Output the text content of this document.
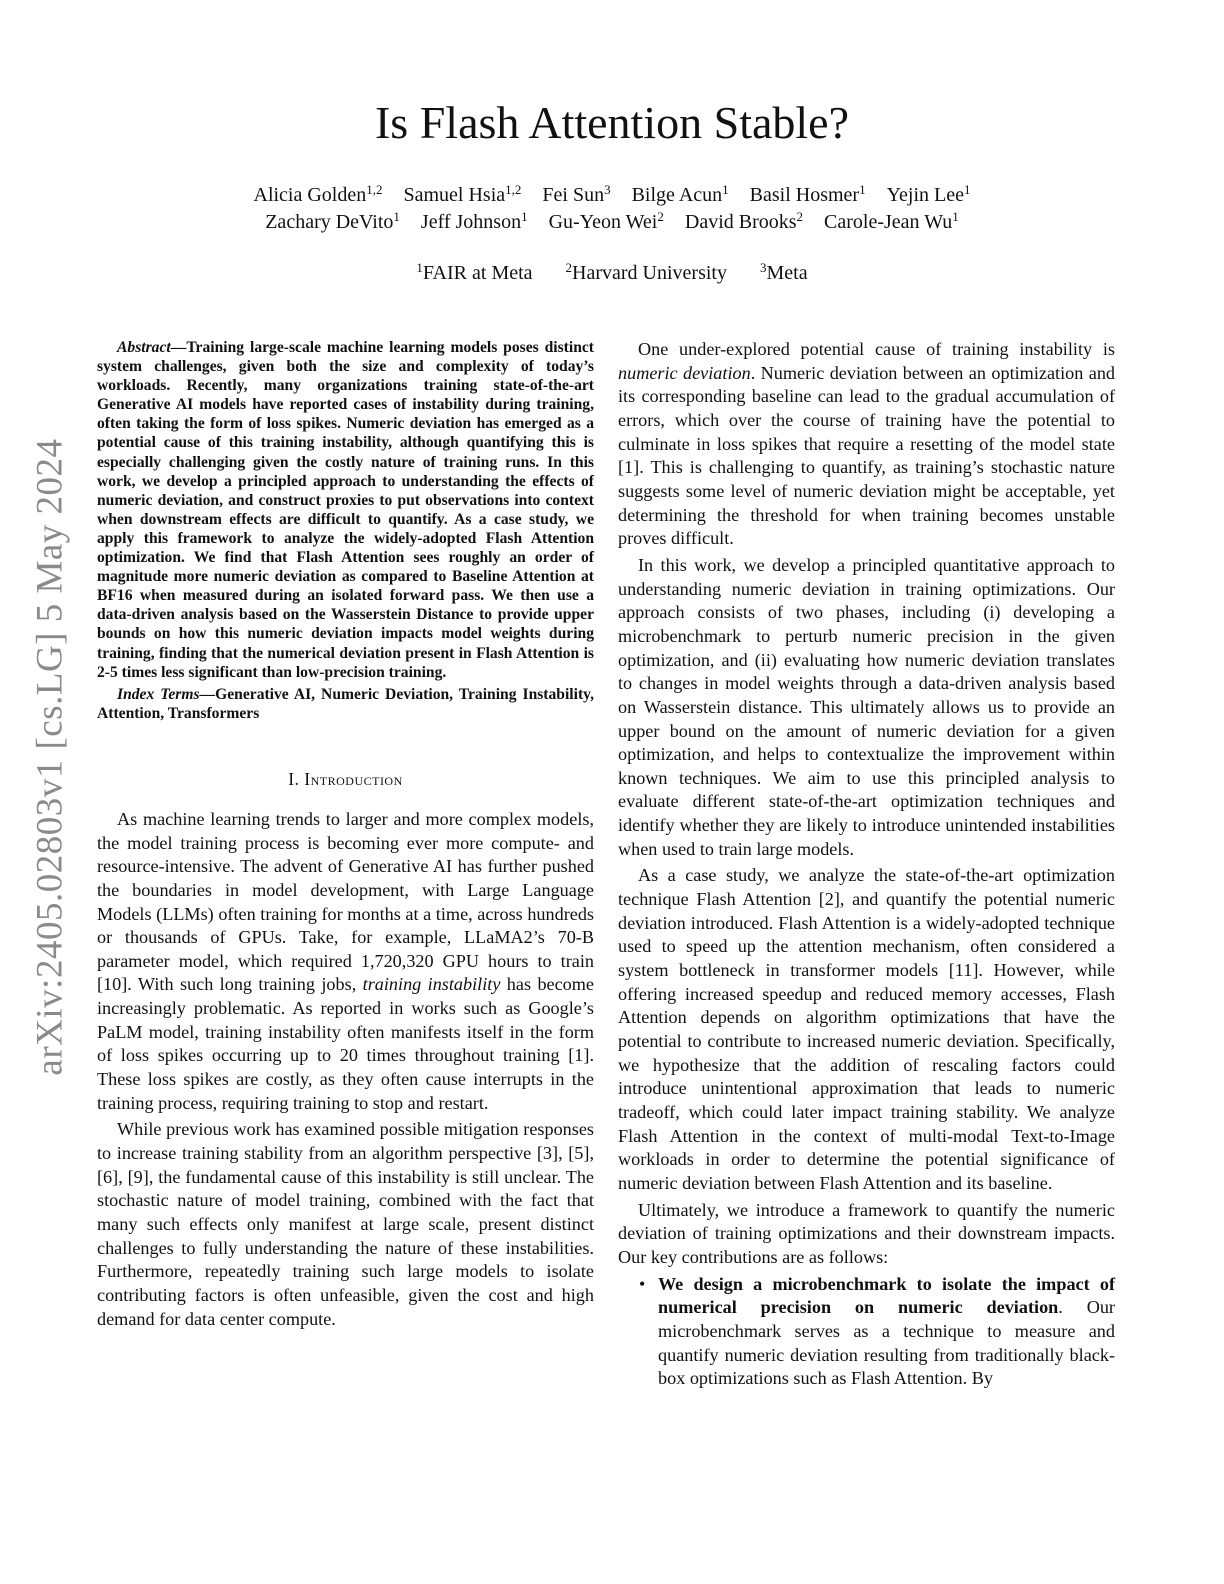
arXiv:2405.02803v1 [cs.LG] 5 May 2024
Is Flash Attention Stable?
Alicia Golden$^{1,2}$ Samuel Hsia$^{1,2}$ Fei Sun$^3$ Bilge Acun$^1$ Basil Hosmer$^1$ Yejin Lee$^1$
Zachary DeVito$^1$ Jeff Johnson$^1$ Gu-Yeon Wei$^2$ David Brooks$^2$ Carole-Jean Wu$^1$
$^1$FAIR at Meta	$^2$Harvard University	$^3$Meta

Abstract—Training large-scale machine learning models poses distinct system challenges, given both the size and complexity of today’s workloads. Recently, many organizations training state-of-the-art Generative AI models have reported cases of instability during training, often taking the form of loss spikes. Numeric deviation has emerged as a potential cause of this training instability, although quantifying this is especially challenging given the costly nature of training runs. In this work, we develop a principled approach to understanding the effects of numeric deviation, and construct proxies to put observations into context when downstream effects are difficult to quantify. As a case study, we apply this framework to analyze the widely-adopted Flash Attention optimization. We find that Flash Attention sees roughly an order of magnitude more numeric deviation as compared to Baseline Attention at BF16 when measured during an isolated forward pass. We then use a data-driven analysis based on the Wasserstein Distance to provide upper bounds on how this numeric deviation impacts model weights during training, finding that the numerical deviation present in Flash Attention is 2-5 times less significant than low-precision training.

Index Terms—Generative AI, Numeric Deviation, Training Instability, Attention, Transformers

I. Introduction

As machine learning trends to larger and more complex models, the model training process is becoming ever more compute- and resource-intensive. The advent of Generative AI has further pushed the boundaries in model development, with Large Language Models (LLMs) often training for months at a time, across hundreds or thousands of GPUs. Take, for example, LLaMA2’s 70-B parameter model, which required 1,720,320 GPU hours to train [10]. With such long training jobs, training instability has become increasingly problematic. As reported in works such as Google’s PaLM model, training instability often manifests itself in the form of loss spikes occurring up to 20 times throughout training [1]. These loss spikes are costly, as they often cause interrupts in the training process, requiring training to stop and restart.

While previous work has examined possible mitigation responses to increase training stability from an algorithm perspective [3], [5], [6], [9], the fundamental cause of this instability is still unclear. The stochastic nature of model training, combined with the fact that many such effects only manifest at large scale, present distinct challenges to fully understanding the nature of these instabilities. Furthermore, repeatedly training such large models to isolate contributing factors is often unfeasible, given the cost and high demand for data center compute.

One under-explored potential cause of training instability is numeric deviation. Numeric deviation between an optimization and its corresponding baseline can lead to the gradual accumulation of errors, which over the course of training have the potential to culminate in loss spikes that require a resetting of the model state [1]. This is challenging to quantify, as training’s stochastic nature suggests some level of numeric deviation might be acceptable, yet determining the threshold for when training becomes unstable proves difficult.

In this work, we develop a principled quantitative approach to understanding numeric deviation in training optimizations. Our approach consists of two phases, including (i) developing a microbenchmark to perturb numeric precision in the given optimization, and (ii) evaluating how numeric deviation translates to changes in model weights through a data-driven analysis based on Wasserstein distance. This ultimately allows us to provide an upper bound on the amount of numeric deviation for a given optimization, and helps to contextualize the improvement within known techniques. We aim to use this principled analysis to evaluate different state-of-the-art optimization techniques and identify whether they are likely to introduce unintended instabilities when used to train large models.

As a case study, we analyze the state-of-the-art optimization technique Flash Attention [2], and quantify the potential numeric deviation introduced. Flash Attention is a widely-adopted technique used to speed up the attention mechanism, often considered a system bottleneck in transformer models [11]. However, while offering increased speedup and reduced memory accesses, Flash Attention depends on algorithm optimizations that have the potential to contribute to increased numeric deviation. Specifically, we hypothesize that the addition of rescaling factors could introduce unintentional approximation that leads to numeric tradeoff, which could later impact training stability. We analyze Flash Attention in the context of multi-modal Text-to-Image workloads in order to determine the potential significance of numeric deviation between Flash Attention and its baseline.

Ultimately, we introduce a framework to quantify the numeric deviation of training optimizations and their downstream impacts. Our key contributions are as follows:

• We design a microbenchmark to isolate the impact of numerical precision on numeric deviation. Our microbenchmark serves as a technique to measure and quantify numeric deviation resulting from traditionally black-box optimizations such as Flash Attention. By
